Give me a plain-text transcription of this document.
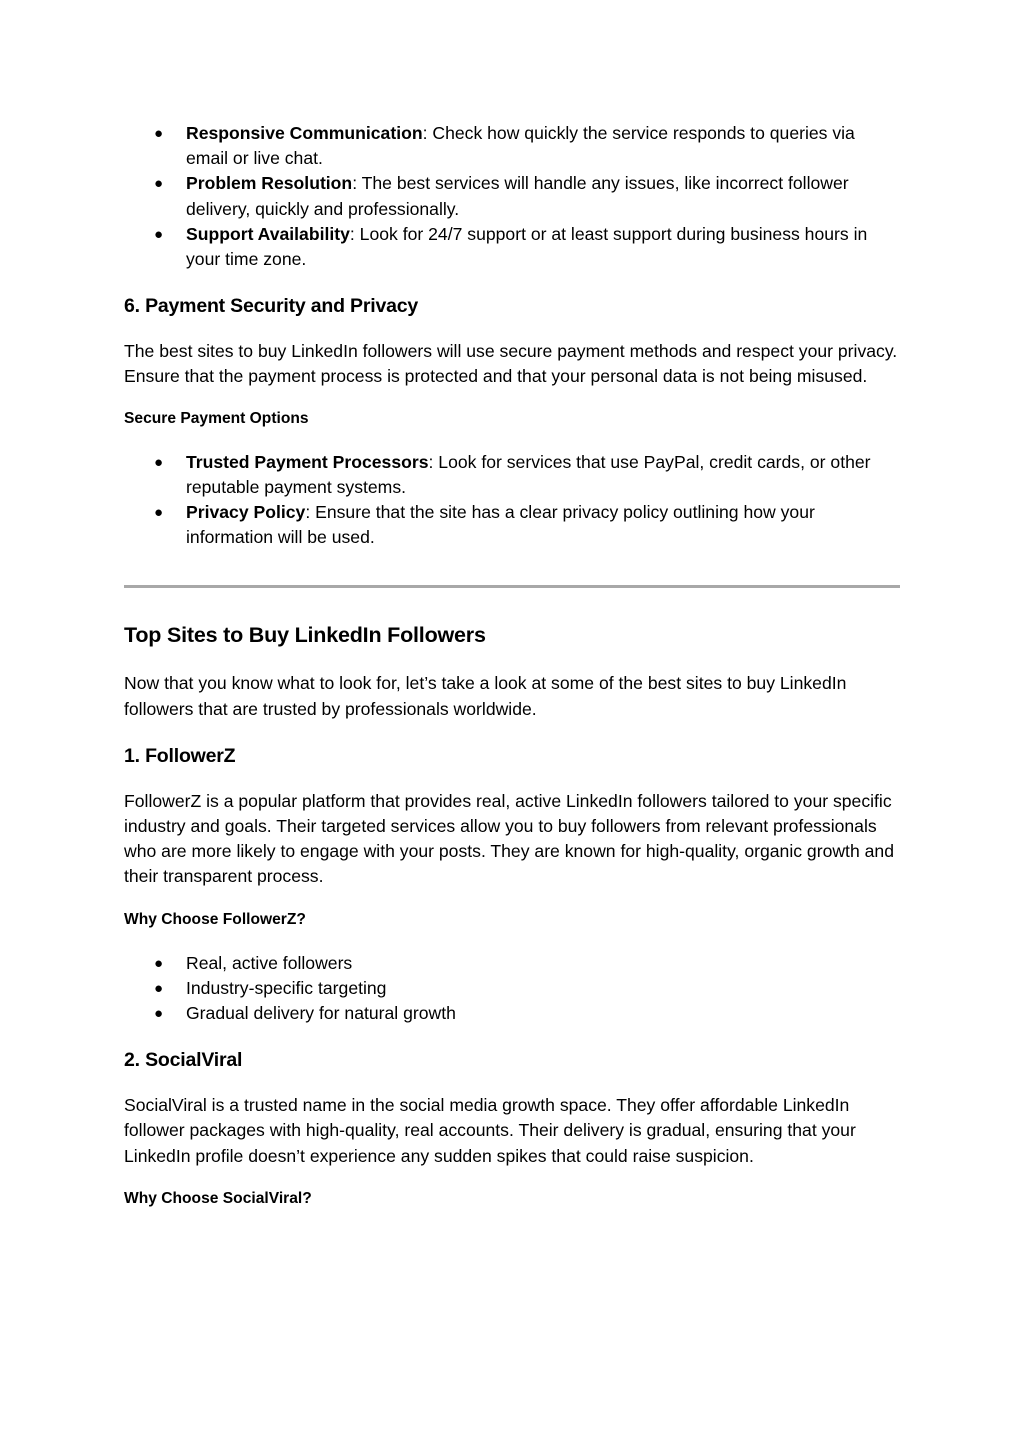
● Responsive Communication: Check how quickly the service responds to queries via email or live chat.
● Problem Resolution: The best services will handle any issues, like incorrect follower delivery, quickly and professionally.
● Support Availability: Look for 24/7 support or at least support during business hours in your time zone.
6. Payment Security and Privacy

The best sites to buy LinkedIn followers will use secure payment methods and respect your privacy. Ensure that the payment process is protected and that your personal data is not being misused.

Secure Payment Options
● Trusted Payment Processors: Look for services that use PayPal, credit cards, or other reputable payment systems.
● Privacy Policy: Ensure that the site has a clear privacy policy outlining how your information will be used.
Top Sites to Buy LinkedIn Followers

Now that you know what to look for, let’s take a look at some of the best sites to buy LinkedIn followers that are trusted by professionals worldwide.

1. FollowerZ

FollowerZ is a popular platform that provides real, active LinkedIn followers tailored to your specific industry and goals. Their targeted services allow you to buy followers from relevant professionals who are more likely to engage with your posts. They are known for high-quality, organic growth and their transparent process.

Why Choose FollowerZ?
● Real, active followers
● Industry-specific targeting
● Gradual delivery for natural growth
2. SocialViral

SocialViral is a trusted name in the social media growth space. They offer affordable LinkedIn follower packages with high-quality, real accounts. Their delivery is gradual, ensuring that your LinkedIn profile doesn’t experience any sudden spikes that could raise suspicion.

Why Choose SocialViral?
